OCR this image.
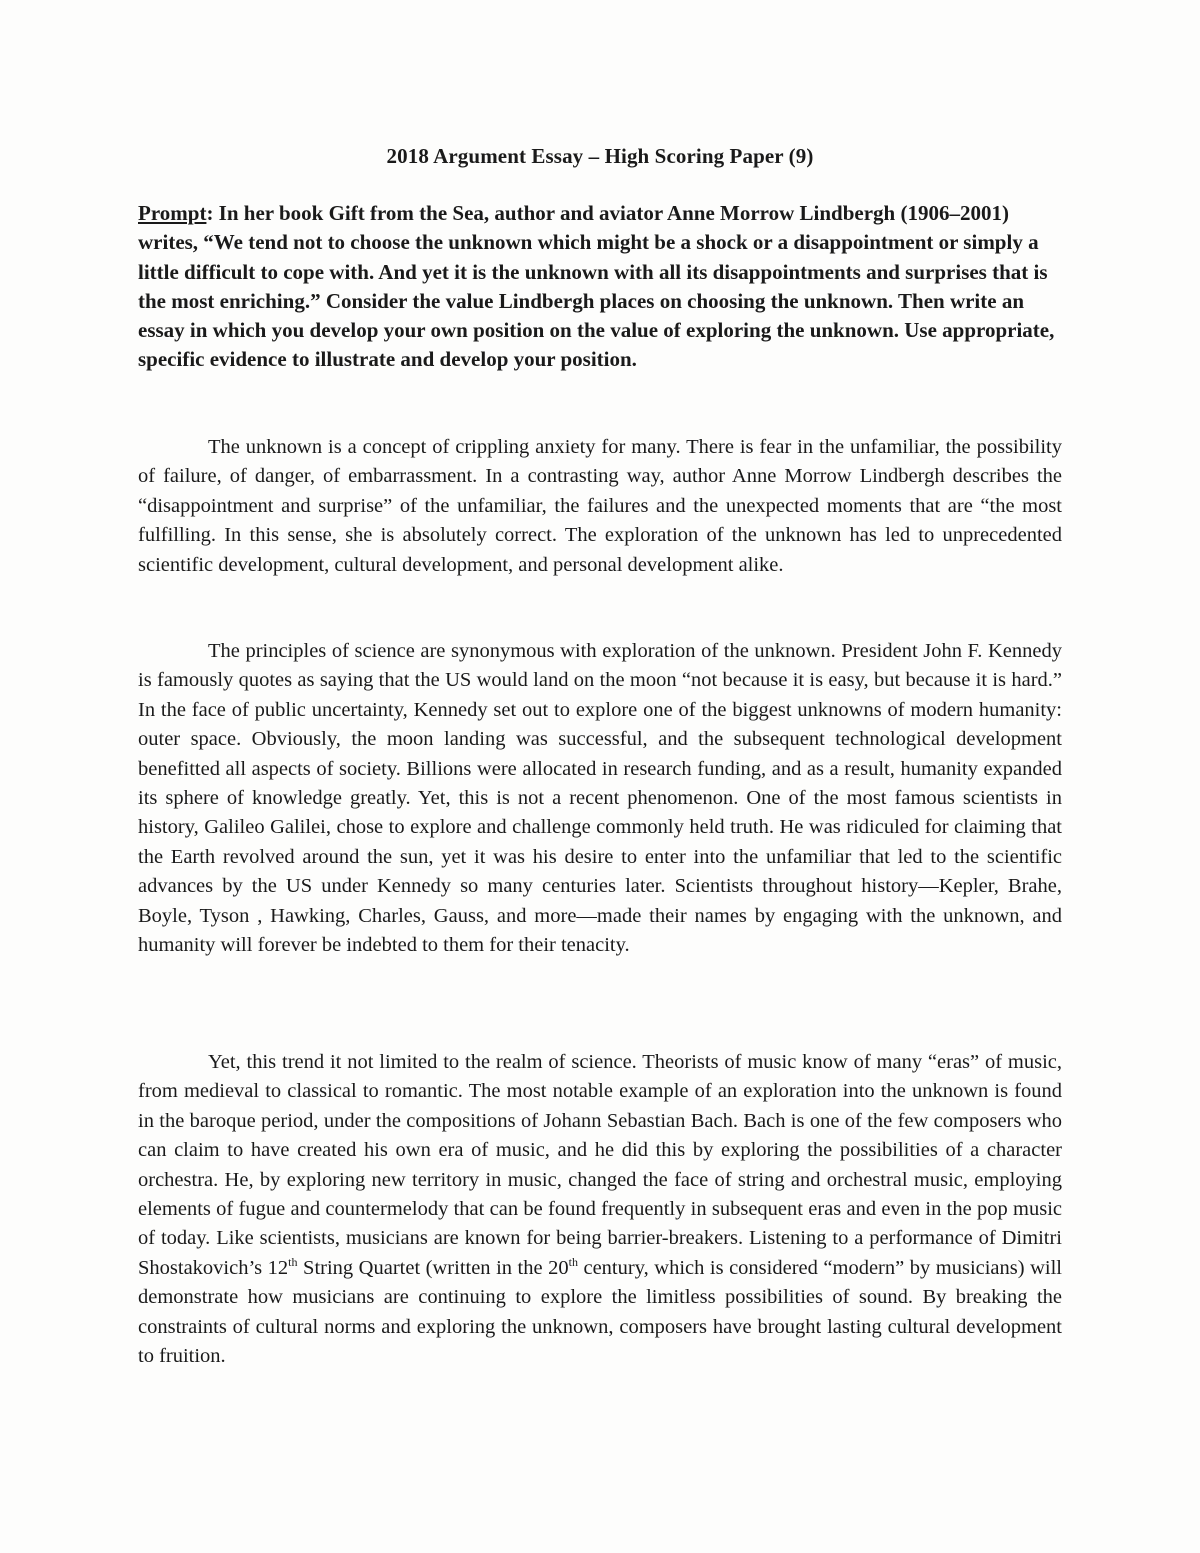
2018 Argument Essay – High Scoring Paper (9)

Prompt: In her book Gift from the Sea, author and aviator Anne Morrow Lindbergh (1906–2001) writes, “We tend not to choose the unknown which might be a shock or a disappointment or simply a little difficult to cope with. And yet it is the unknown with all its disappointments and surprises that is the most enriching.” Consider the value Lindbergh places on choosing the unknown. Then write an essay in which you develop your own position on the value of exploring the unknown. Use appropriate, specific evidence to illustrate and develop your position.

The unknown is a concept of crippling anxiety for many. There is fear in the unfamiliar, the possibility of failure, of danger, of embarrassment. In a contrasting way, author Anne Morrow Lindbergh describes the “disappointment and surprise” of the unfamiliar, the failures and the unexpected moments that are “the most fulfilling. In this sense, she is absolutely correct. The exploration of the unknown has led to unprecedented scientific development, cultural development, and personal development alike.

The principles of science are synonymous with exploration of the unknown. President John F. Kennedy is famously quotes as saying that the US would land on the moon “not because it is easy, but because it is hard.” In the face of public uncertainty, Kennedy set out to explore one of the biggest unknowns of modern humanity: outer space. Obviously, the moon landing was successful, and the subsequent technological development benefitted all aspects of society. Billions were allocated in research funding, and as a result, humanity expanded its sphere of knowledge greatly. Yet, this is not a recent phenomenon. One of the most famous scientists in history, Galileo Galilei, chose to explore and challenge commonly held truth. He was ridiculed for claiming that the Earth revolved around the sun, yet it was his desire to enter into the unfamiliar that led to the scientific advances by the US under Kennedy so many centuries later. Scientists throughout history—Kepler, Brahe, Boyle, Tyson , Hawking, Charles, Gauss, and more—made their names by engaging with the unknown, and humanity will forever be indebted to them for their tenacity.

Yet, this trend it not limited to the realm of science. Theorists of music know of many “eras” of music, from medieval to classical to romantic. The most notable example of an exploration into the unknown is found in the baroque period, under the compositions of Johann Sebastian Bach. Bach is one of the few composers who can claim to have created his own era of music, and he did this by exploring the possibilities of a character orchestra. He, by exploring new territory in music, changed the face of string and orchestral music, employing elements of fugue and countermelody that can be found frequently in subsequent eras and even in the pop music of today. Like scientists, musicians are known for being barrier-breakers. Listening to a performance of Dimitri Shostakovich’s 12th String Quartet (written in the 20th century, which is considered “modern” by musicians) will demonstrate how musicians are continuing to explore the limitless possibilities of sound. By breaking the constraints of cultural norms and exploring the unknown, composers have brought lasting cultural development to fruition.
